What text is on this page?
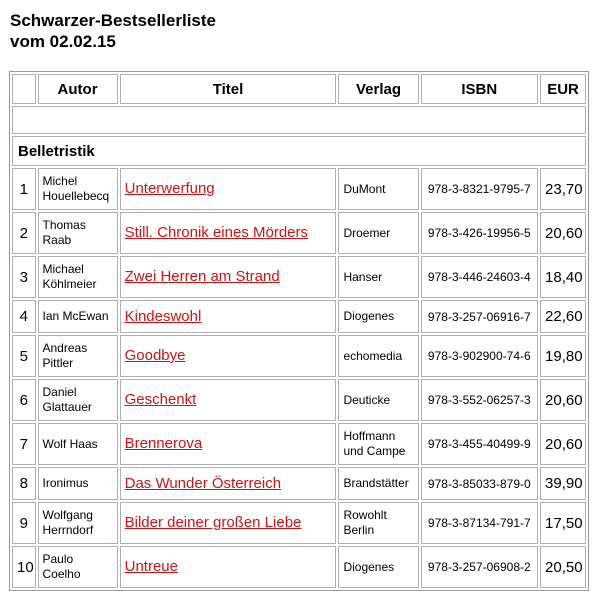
Schwarzer-Bestsellerliste
vom 02.02.15
	Autor	Titel	Verlag	ISBN	EUR

Belletristik					
1	Michel
Houellebecq	Unterwerfung	DuMont	978-3-8321-9795-7	23,70
2	Thomas
Raab	Still. Chronik eines Mörders	Droemer	978-3-426-19956-5	20,60
3	Michael
Köhlmeier	Zwei Herren am Strand	Hanser	978-3-446-24603-4	18,40
4	Ian McEwan	Kindeswohl	Diogenes	978-3-257-06916-7	22,60
5	Andreas
Pittler	Goodbye	echomedia	978-3-902900-74-6	19,80
6	Daniel
Glattauer	Geschenkt	Deuticke	978-3-552-06257-3	20,60
7	Wolf Haas	Brennerova	Hoffmann
und Campe	978-3-455-40499-9	20,60
8	Ironimus	Das Wunder Österreich	Brandstätter	978-3-85033-879-0	39,90
9	Wolfgang
Herrndorf	Bilder deiner großen Liebe	Rowohlt
Berlin	978-3-87134-791-7	17,50
10	Paulo
Coelho	Untreue	Diogenes	978-3-257-06908-2	20,50
